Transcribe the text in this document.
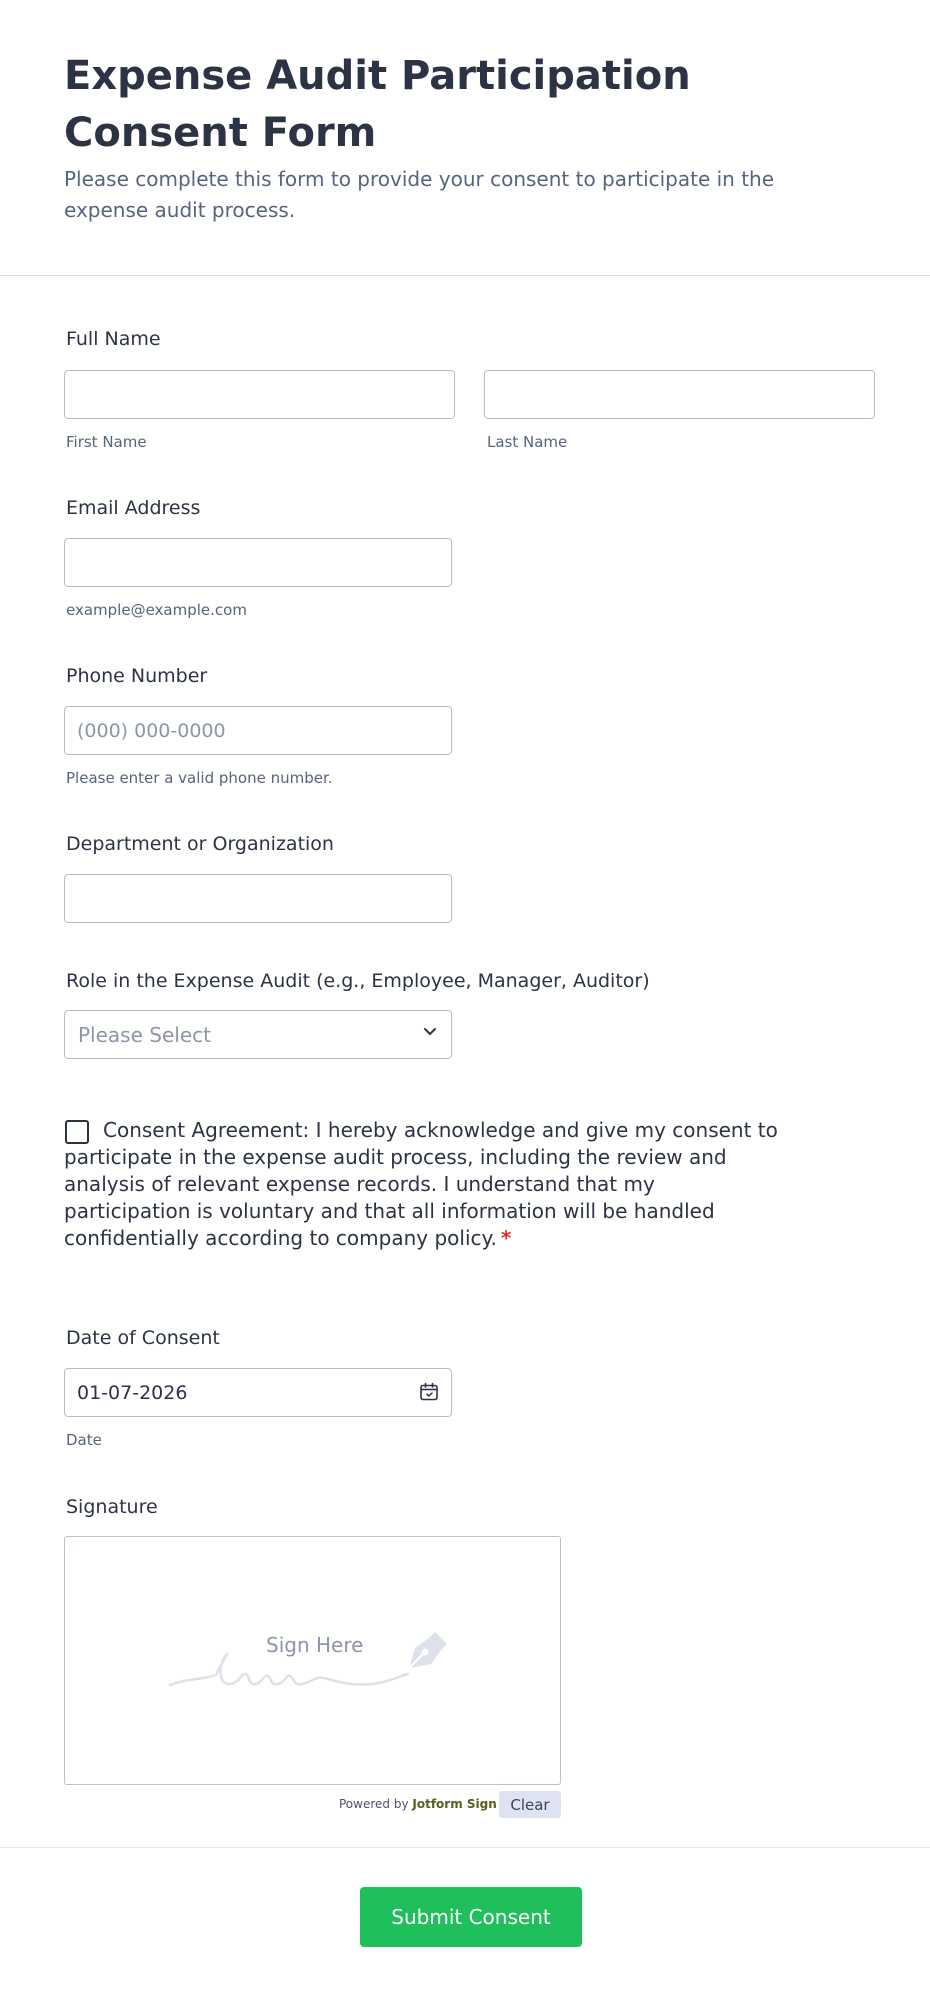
Expense Audit Participation Consent Form

Please complete this form to provide your consent to participate in the expense audit process.

Full Name
First Name	Last Name
Email Address
example@example.com
Phone Number
(000) 000-0000
Please enter a valid phone number.
Department or Organization
Role in the Expense Audit (e.g., Employee, Manager, Auditor)
Please Select

Consent Agreement: I hereby acknowledge and give my consent to participate in the expense audit process, including the review and analysis of relevant expense records. I understand that my participation is voluntary and that all information will be handled confidentially according to company policy. *

Date of Consent
01-07-2026
Date
Signature
Sign Here
Powered by Jotform Sign Clear
Submit Consent
